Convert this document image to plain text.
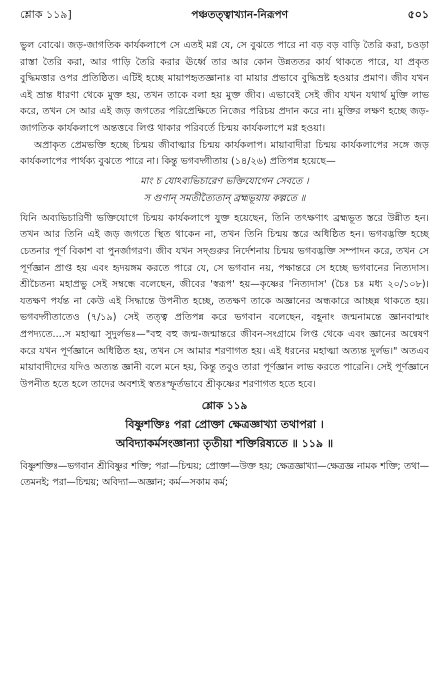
শ্লোক ১১৯]	পঞ্চতত্ত্বাখ্যান-নিরূপণ	৫০১

ভুল বোঝে। জড়-জাগতিক কার্যকলাপে সে এতই মগ্ন যে, সে বুঝতে পারে না বড় বড় বাড়ি তৈরি করা, চওড়া রাস্তা তৈরি করা, আর গাড়ি তৈরি করার ঊর্ধ্বে তার আর কোন উন্নততর কার্য থাকতে পারে, যা প্রকৃত বুদ্ধিমত্তার ওপর প্রতিষ্ঠিত। এটিই হচ্ছে মায়াপহৃতজ্ঞানাঃ বা মায়ার প্রভাবে বুদ্ধিভ্রষ্ট হওয়ার প্রমাণ। জীব যখন এই ভ্রান্ত ধারণা থেকে মুক্ত হয়, তখন তাকে বলা হয় মুক্ত জীব। এভাবেই সেই জীব যখন যথার্থ মুক্তি লাভ করে, তখন সে আর এই জড় জগতের পরিপ্রেক্ষিতে নিজের পরিচয় প্রদান করে না। মুক্তির লক্ষণ হচ্ছে জড়-জাগতিক কার্যকলাপে অন্তত্তবে লিপ্ত থাকার পরিবর্তে চিন্ময় কার্যকলাপে মগ্ন হওয়া।

অপ্রাকৃত প্রেমভক্তি হচ্ছে চিন্ময় জীবাত্মার চিন্ময় কার্যকলাপ। মায়াবাদীরা চিন্ময় কার্যকলাপের সঙ্গে জড় কার্যকলাপের পার্থক্য বুঝতে পারে না। কিন্তু ভগবদ্গীতায় (১৪/২৬) প্রতিপন্ন হয়েছে—

মাং চ যোঽব্যভিচারেণ ভক্তিযোগেন সেবতে ।
স গুণান্ সমতীত্যৈতান্ ব্রহ্মভূয়ায় কল্পতে ॥

যিনি অব্যভিচারিণী ভক্তিযোগে চিন্ময় কার্যকলাপে যুক্ত হয়েছেন, তিনি তৎক্ষণাৎ ব্রহ্মভূত স্তরে উন্নীত হন। তখন আর তিনি এই জড় জগতে স্থিত থাকেন না, তখন তিনি চিন্ময় স্তরে অধিষ্ঠিত হন। ভগবদ্ভক্তি হচ্ছে চেতনার পূর্ণ বিকাশ বা পুনর্জাগরণ। জীব যখন সদ্গুরুর নির্দেশনায় চিন্ময় ভগবদ্ভক্তি সম্পাদন করে, তখন সে পূর্ণজ্ঞান প্রাপ্ত হয় এবং হৃদয়ঙ্গম করতে পারে যে, সে ভগবান নয়, পক্ষান্তরে সে হচ্ছে ভগবানের নিত্যদাস। শ্রীচৈতন্য মহাপ্রভু সেই সম্বন্ধে বলেছেন, জীবের 'স্বরূপ' হয়—কৃষ্ণের 'নিত্যদাস' (চৈঃ চঃ মধ্য ২০/১০৮)। যতক্ষণ পর্যন্ত না কেউ এই সিদ্ধান্তে উপনীত হচ্ছে, ততক্ষণ তাকে অজ্ঞানের অন্ধকারে আচ্ছন্ন থাকতে হয়। ভগবদ্গীতাতেও (৭/১৯) সেই তত্ত্ব প্রতিপন্ন করে ভগবান বলেছেন, বহূনাং জন্মনামন্তে জ্ঞানবান্মাং প্রপদ্যতে....স মহাত্মা সুদুর্লভঃ—"বহু বহু জন্ম-জন্মান্তরে জীবন-সংগ্রামে লিপ্ত থেকে এবং জ্ঞানের অন্বেষণ করে যখন পূর্ণজ্ঞানে অধিষ্ঠিত হয়, তখন সে আমার শরণাগত হয়। এই ধরনের মহাত্মা অত্যন্ত দুর্লভ।" অতএব মায়াবাদীদের যদিও অত্যন্ত জ্ঞানী বলে মনে হয়, কিন্তু তবুও তারা পূর্ণজ্ঞান লাভ করতে পারেনি। সেই পূর্ণজ্ঞানে উপনীত হতে হলে তাদের অবশ্যই স্বতঃস্ফূর্তভাবে শ্রীকৃষ্ণের শরণাগত হতে হবে।

শ্লোক ১১৯
বিষ্ণুশক্তিঃ পরা প্রোক্তা ক্ষেত্রজ্ঞাখ্যা তথাপরা ।
অবিদ্যাকর্মসংজ্ঞান্যা তৃতীয়া শক্তিরিষ্যতে ॥ ১১৯ ॥
বিষ্ণুশক্তিঃ—ভগবান শ্রীবিষ্ণুর শক্তি; পরা—চিন্ময়; প্রোক্তা—উক্ত হয়; ক্ষেত্রজ্ঞাখ্যা—ক্ষেত্রজ্ঞ নামক শক্তি; তথা—তেমনই; পরা—চিন্ময়; অবিদ্যা—অজ্ঞান; কর্ম—সকাম কর্ম;
